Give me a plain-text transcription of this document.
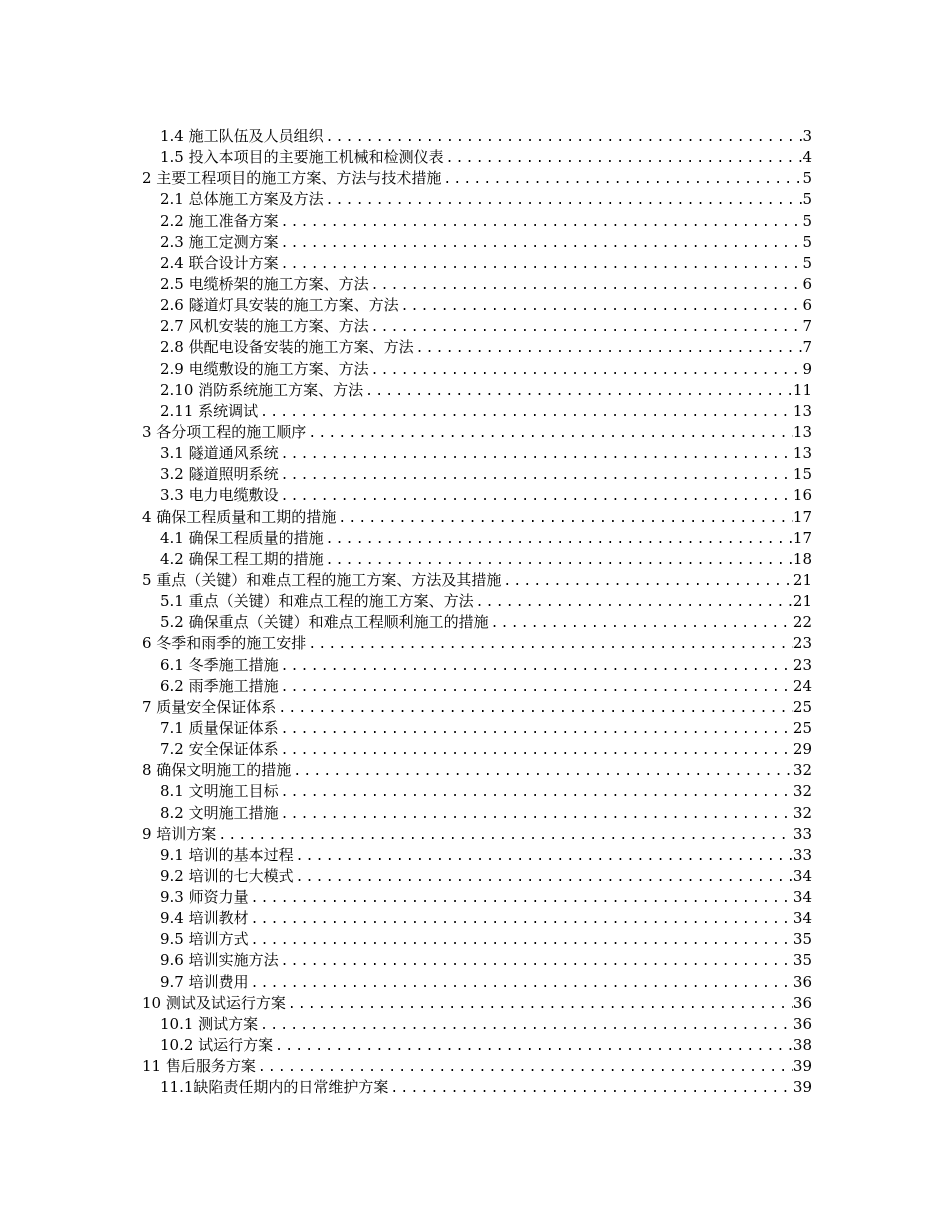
1.4 施工队伍及人员组织 .....	3
1.5 投入本项目的主要施工机械和检测仪表 .....	4
2 主要工程项目的施工方案、方法与技术措施 .....	5
2.1 总体施工方案及方法 .....	5
2.2 施工准备方案 .....	5
2.3 施工定测方案 .....	5
2.4 联合设计方案 .....	5
2.5 电缆桥架的施工方案、方法 .....	6
2.6 隧道灯具安装的施工方案、方法 .....	6
2.7 风机安装的施工方案、方法 .....	7
2.8 供配电设备安装的施工方案、方法 .....	7
2.9 电缆敷设的施工方案、方法 .....	9
2.10 消防系统施工方案、方法 .....	11
2.11 系统调试 .....	13
3 各分项工程的施工顺序 .....	13
3.1 隧道通风系统 .....	13
3.2 隧道照明系统 .....	15
3.3 电力电缆敷设 .....	16
4 确保工程质量和工期的措施 .....	17
4.1 确保工程质量的措施 .....	17
4.2 确保工程工期的措施 .....	18
5 重点（关键）和难点工程的施工方案、方法及其措施 .....	21
5.1 重点（关键）和难点工程的施工方案、方法 .....	21
5.2 确保重点（关键）和难点工程顺利施工的措施 .....	22
6 冬季和雨季的施工安排 .....	23
6.1 冬季施工措施 .....	23
6.2 雨季施工措施 .....	24
7 质量安全保证体系 .....	25
7.1 质量保证体系 .....	25
7.2 安全保证体系 .....	29
8 确保文明施工的措施 .....	32
8.1 文明施工目标 .....	32
8.2 文明施工措施 .....	32
9 培训方案 .....	33
9.1 培训的基本过程 .....	33
9.2 培训的七大模式 .....	34
9.3 师资力量 .....	34
9.4 培训教材 .....	34
9.5 培训方式 .....	35
9.6 培训实施方法 .....	35
9.7 培训费用 .....	36
10 测试及试运行方案 .....	36
10.1 测试方案 .....	36
10.2 试运行方案 .....	38
11 售后服务方案 .....	39
11.1缺陷责任期内的日常维护方案 .....	39
